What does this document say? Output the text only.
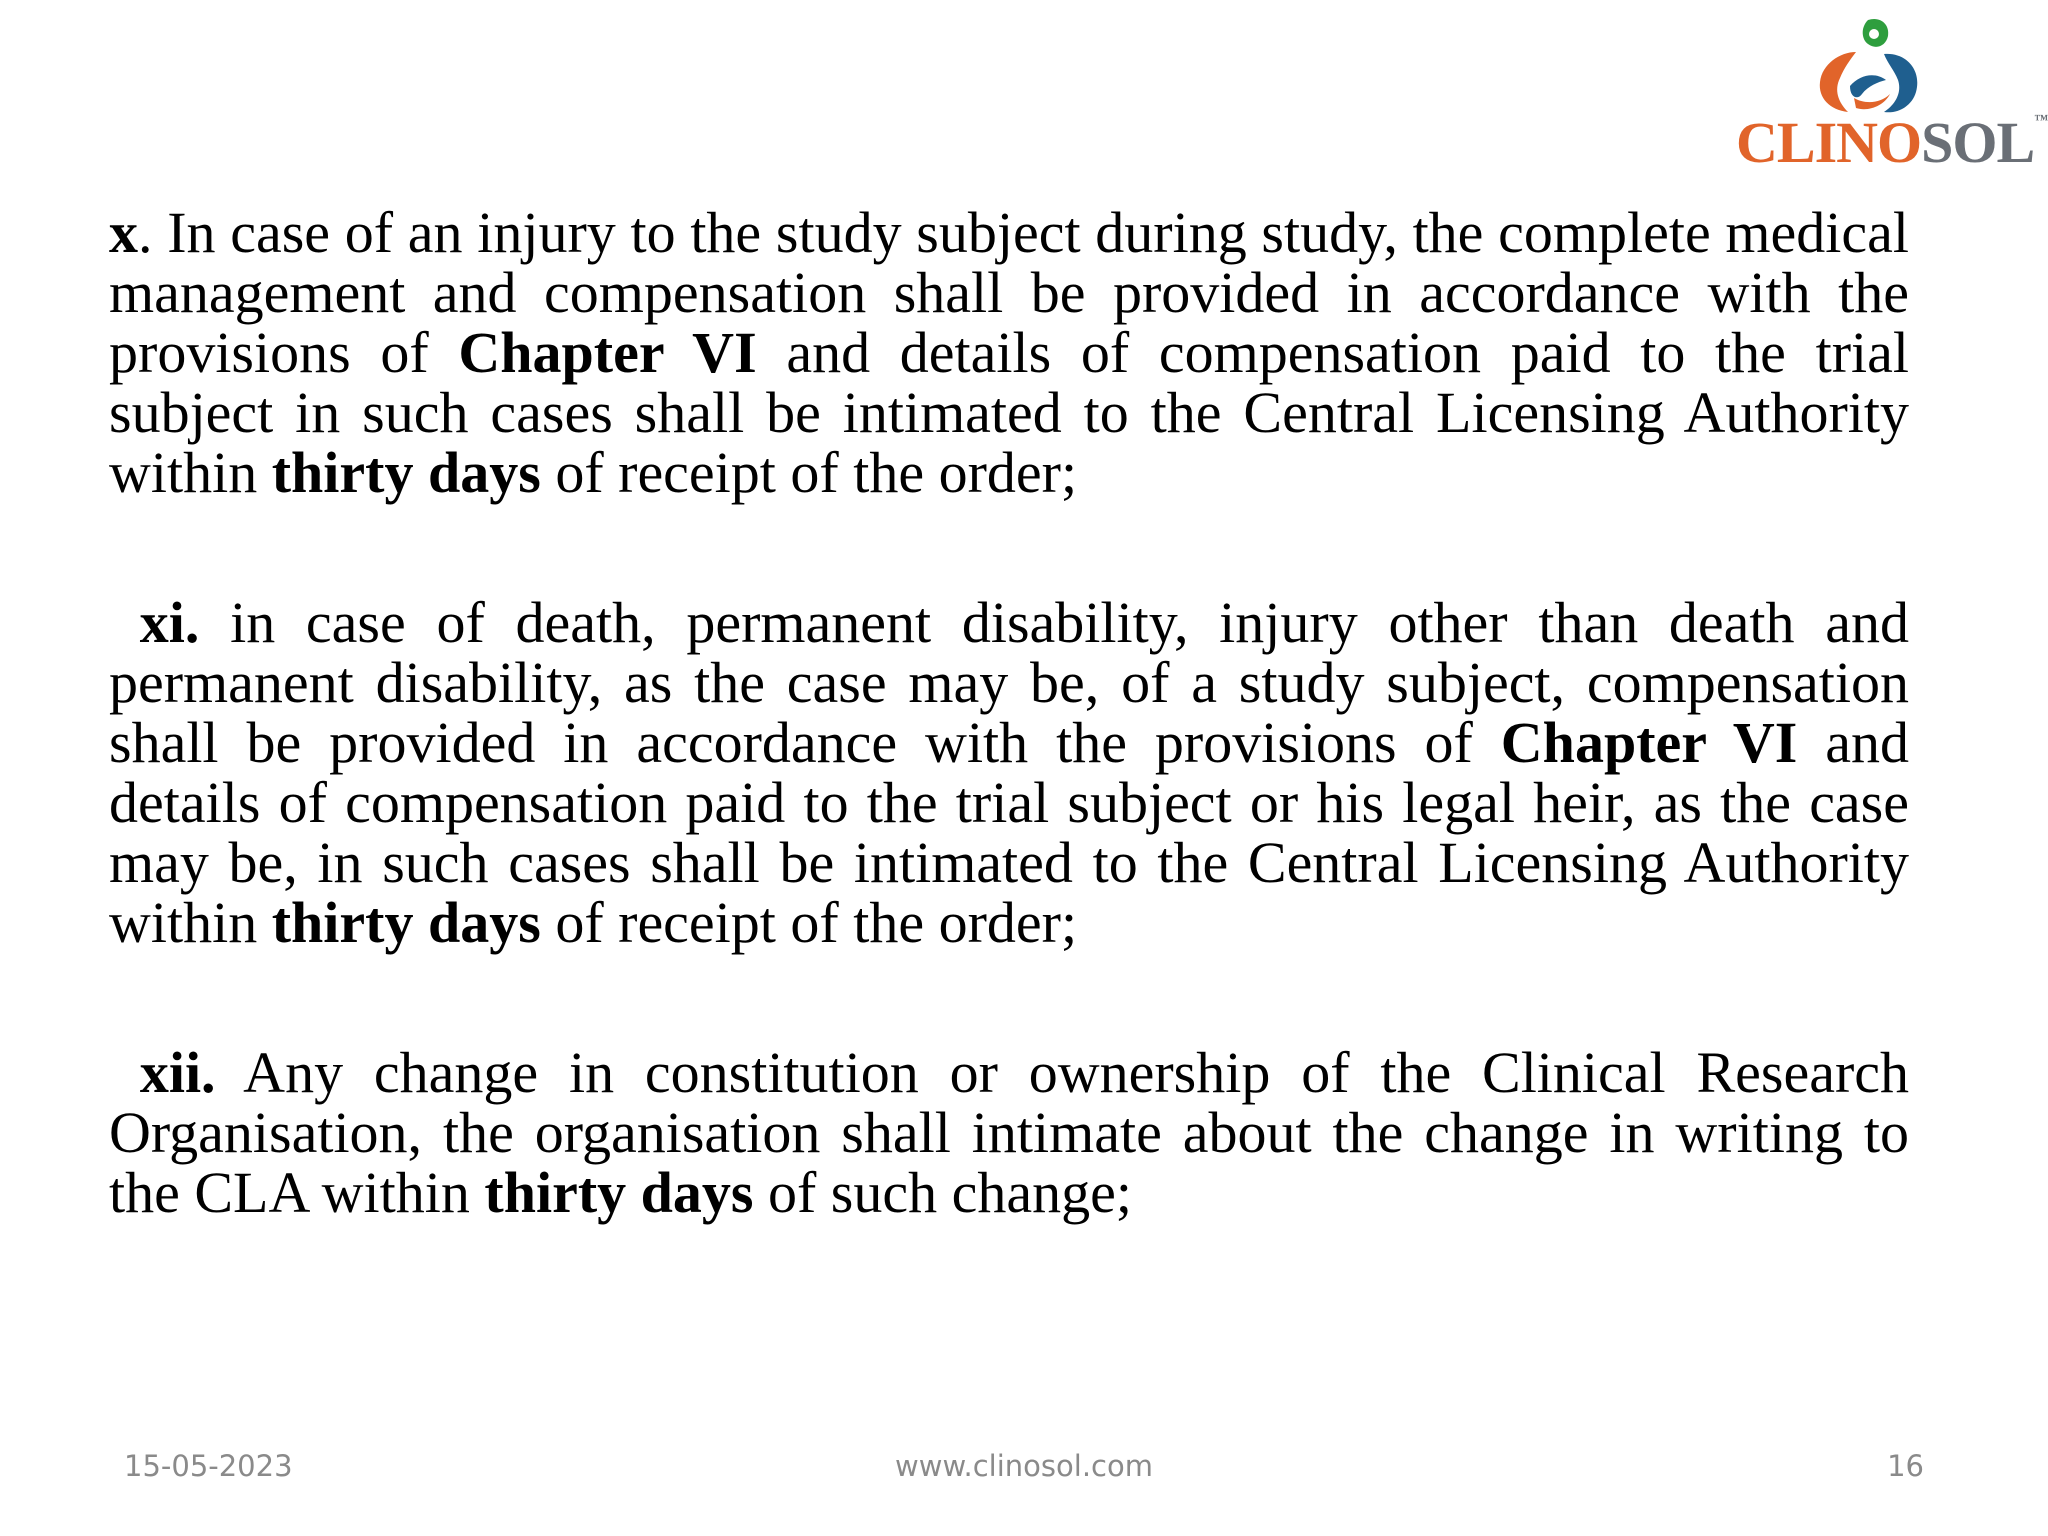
CLINOSOL™

x. In case of an injury to the study subject during study, the complete medical management and compensation shall be provided in accordance with the provisions of Chapter VI and details of compensation paid to the trial subject in such cases shall be intimated to the Central Licensing Authority within thirty days of receipt of the order;

xi. in case of death, permanent disability, injury other than death and permanent disability, as the case may be, of a study subject, compensation shall be provided in accordance with the provisions of Chapter VI and details of compensation paid to the trial subject or his legal heir, as the case may be, in such cases shall be intimated to the Central Licensing Authority within thirty days of receipt of the order;

xii. Any change in constitution or ownership of the Clinical Research Organisation, the organisation shall intimate about the change in writing to the CLA within thirty days of such change;

15-05-2023	www.clinosol.com	16
